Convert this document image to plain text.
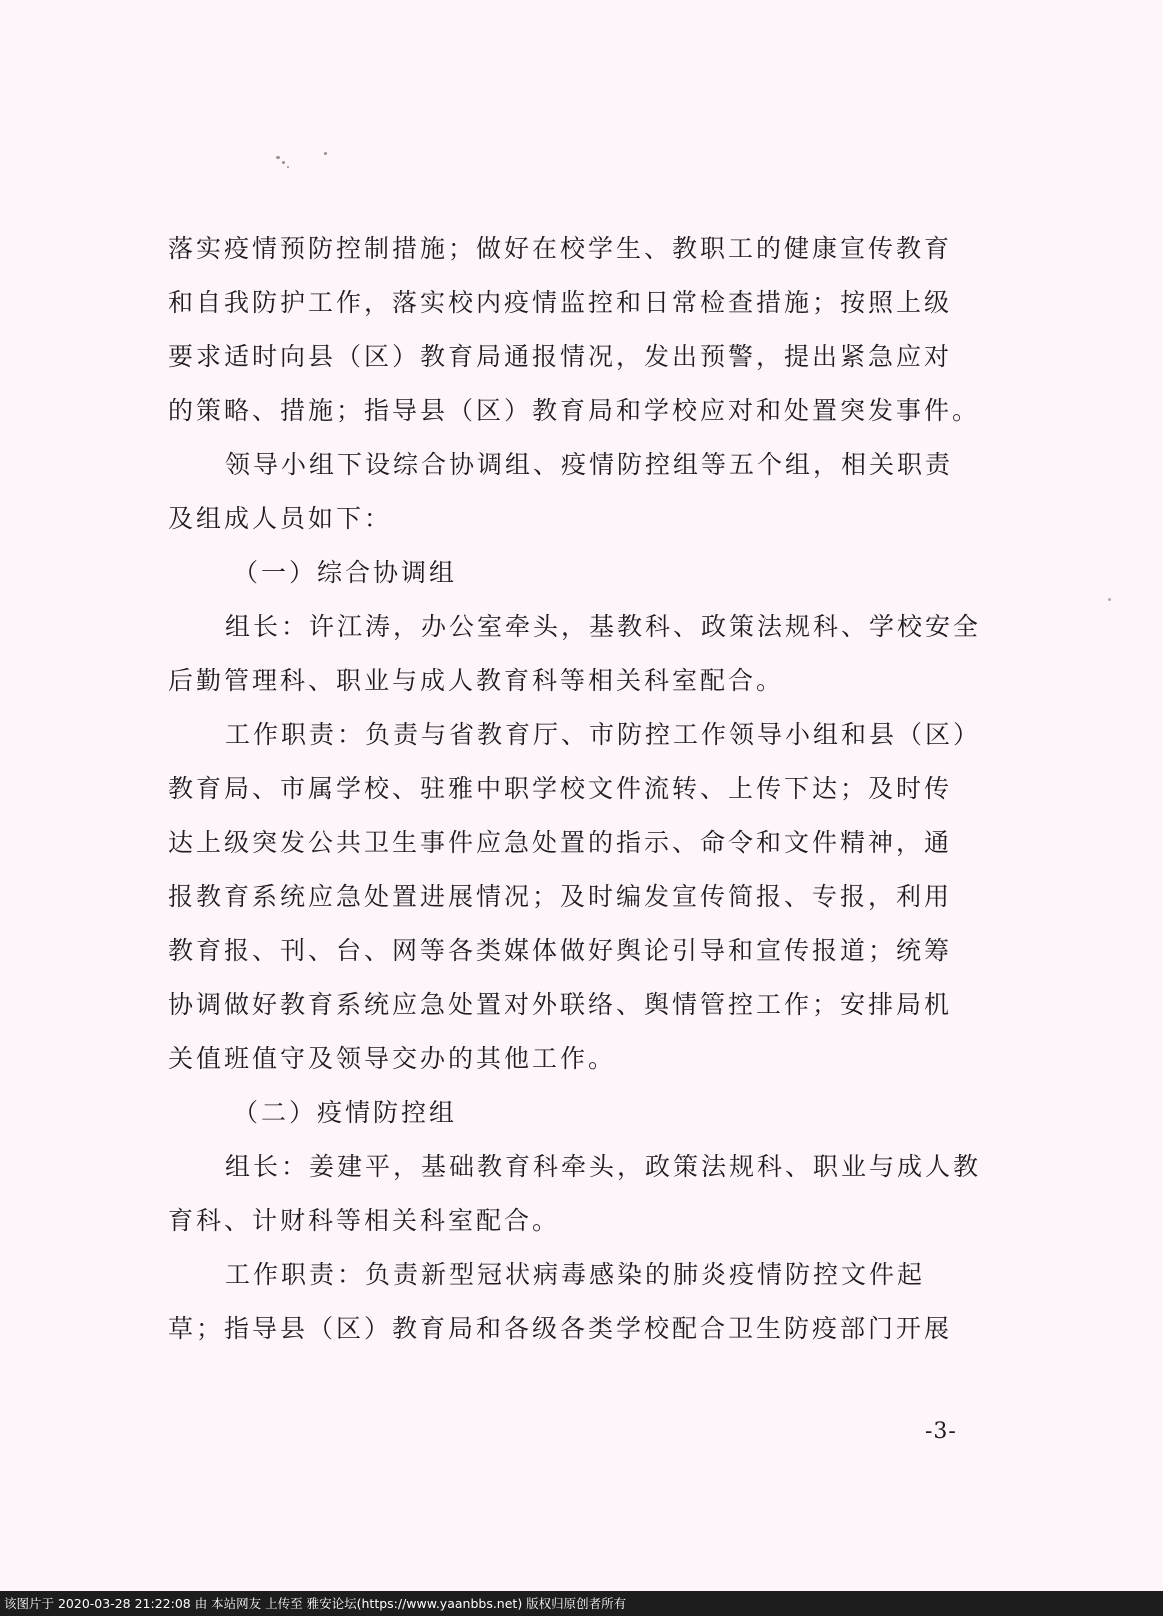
落实疫情预防控制措施；做好在校学生、教职工的健康宣传教育
和自我防护工作，落实校内疫情监控和日常检查措施；按照上级
要求适时向县（区）教育局通报情况，发出预警，提出紧急应对
的策略、措施；指导县（区）教育局和学校应对和处置突发事件。
领导小组下设综合协调组、疫情防控组等五个组，相关职责
及组成人员如下：
（一）综合协调组
组长：许江涛，办公室牵头，基教科、政策法规科、学校安全
后勤管理科、职业与成人教育科等相关科室配合。
工作职责：负责与省教育厅、市防控工作领导小组和县（区）
教育局、市属学校、驻雅中职学校文件流转、上传下达；及时传
达上级突发公共卫生事件应急处置的指示、命令和文件精神，通
报教育系统应急处置进展情况；及时编发宣传简报、专报，利用
教育报、刊、台、网等各类媒体做好舆论引导和宣传报道；统筹
协调做好教育系统应急处置对外联络、舆情管控工作；安排局机
关值班值守及领导交办的其他工作。
（二）疫情防控组
组长：姜建平，基础教育科牵头，政策法规科、职业与成人教
育科、计财科等相关科室配合。
工作职责：负责新型冠状病毒感染的肺炎疫情防控文件起
草；指导县（区）教育局和各级各类学校配合卫生防疫部门开展
-3-
该图片于 2020-03-28 21:22:08 由 本站网友 上传至 雅安论坛(https://www.yaanbbs.net) 版权归原创者所有
